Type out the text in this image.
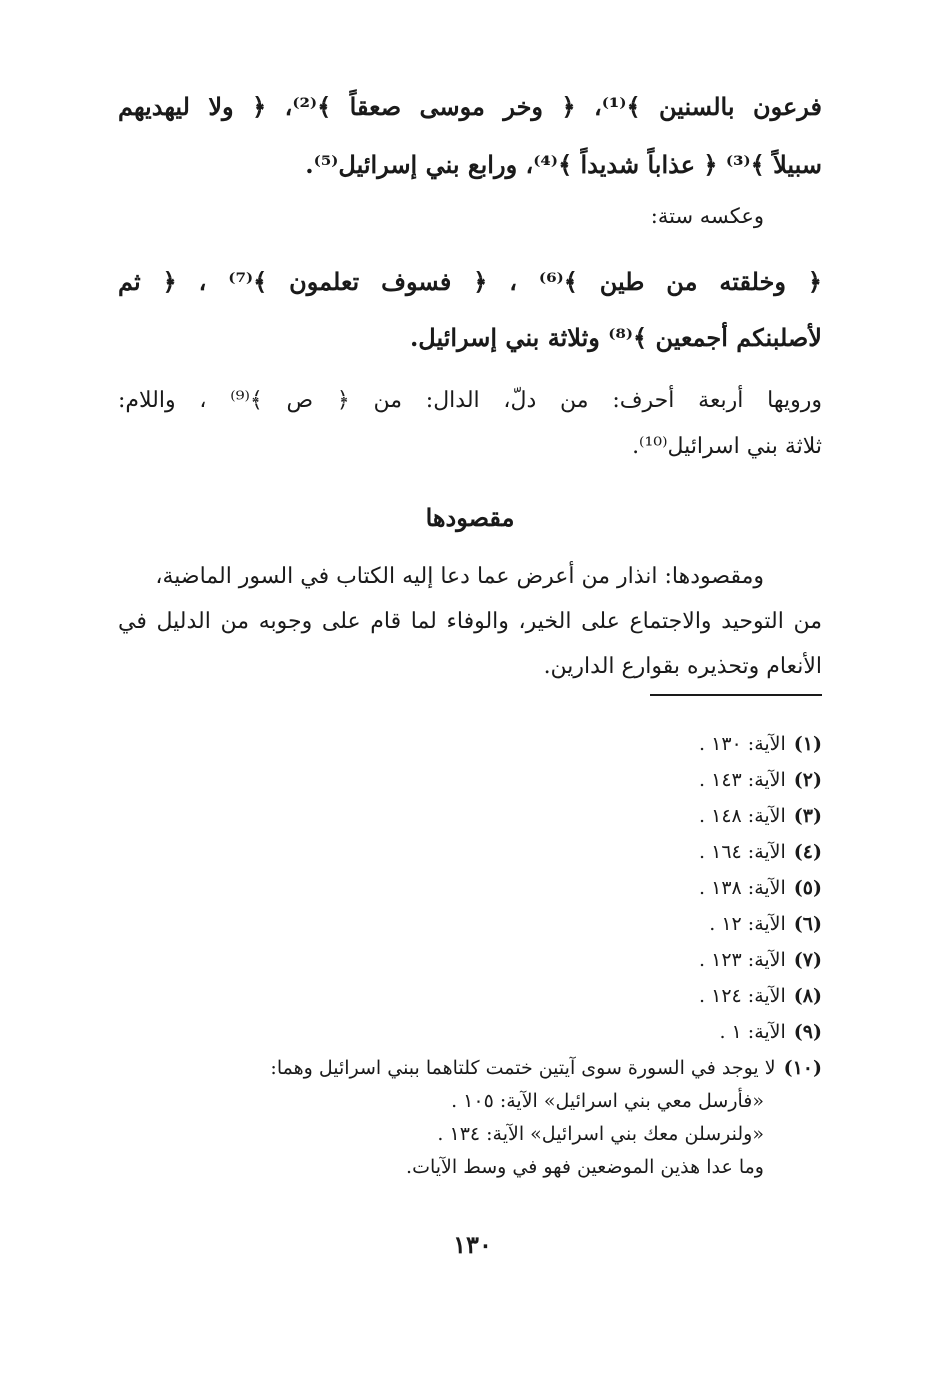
فرعون بالسنين ﴾⁽¹⁾، ﴿ وخر موسى صعقاً ﴾⁽²⁾، ﴿ ولا ليهديهم
سبيلاً ﴾⁽³⁾ ﴿ عذاباً شديداً ﴾⁽⁴⁾، ورابع بني إسرائيل⁽⁵⁾.
وعكسه ستة:
﴿ وخلقته من طين ﴾⁽⁶⁾ ، ﴿ فسوف تعلمون ﴾⁽⁷⁾ ، ﴿ ثم
لأصلبنكم أجمعين ﴾⁽⁸⁾ وثلاثة بني إسرائيل.
ورويها أربعة أحرف: من دلّ، الدال: من ﴿ ص ﴾⁽⁹⁾ ، واللام:
ثلاثة بني اسرائيل⁽¹⁰⁾.
مقصودها
ومقصودها: انذار من أعرض عما دعا إليه الكتاب في السور الماضية،
من التوحيد والاجتماع على الخير، والوفاء لما قام على وجوبه من الدليل في
الأنعام وتحذيره بقوارع الدارين.
(١)الآية: ١٣٠ .
(٢)الآية: ١٤٣ .
(٣)الآية: ١٤٨ .
(٤)الآية: ١٦٤ .
(٥)الآية: ١٣٨ .
(٦)الآية: ١٢ .
(٧)الآية: ١٢٣ .
(٨)الآية: ١٢٤ .
(٩)الآية: ١ .
(١٠)لا يوجد في السورة سوى آيتين ختمت كلتاهما ببني اسرائيل وهما:
«فأرسل معي بني اسرائيل» الآية: ١٠٥ .
«ولنرسلن معك بني اسرائيل» الآية: ١٣٤ .
وما عدا هذين الموضعين فهو في وسط الآيات.
١٣٠
